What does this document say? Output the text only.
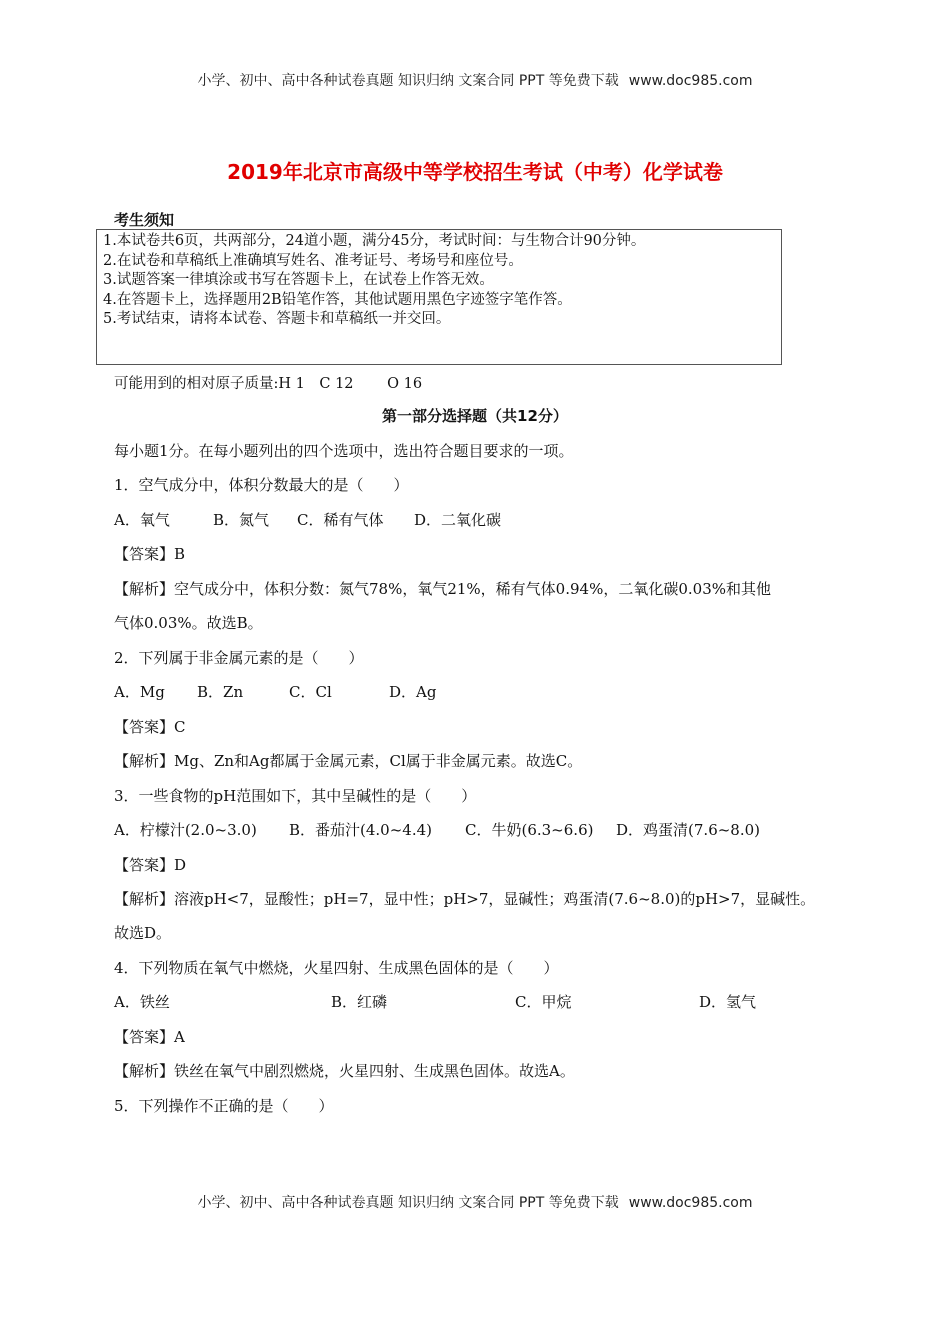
小学、初中、高中各种试卷真题 知识归纳 文案合同 PPT 等免费下载 www.doc985.com
2019年北京市高级中等学校招生考试（中考）化学试卷
考生须知
1.本试卷共6页，共两部分，24道小题，满分45分，考试时间：与生物合计90分钟。
2.在试卷和草稿纸上准确填写姓名、准考证号、考场号和座位号。
3.试题答案一律填涂或书写在答题卡上，在试卷上作答无效。
4.在答题卡上，选择题用2B铅笔作答，其他试题用黑色字迹签字笔作答。
5.考试结束，请将本试卷、答题卡和草稿纸一并交回。
可能用到的相对原子质量:H 1　C 12　　 O 16
第一部分选择题（共12分）
每小题1分。在每小题列出的四个选项中，选出符合题目要求的一项。
1．空气成分中，体积分数最大的是（　　）
A．氧气	B．氮气 C．稀有气体 D．二氧化碳
【答案】B
【解析】空气成分中，体积分数：氮气78%，氧气21%，稀有气体0.94%，二氧化碳0.03%和其他
气体0.03%。故选B。
2．下列属于非金属元素的是（　　）
A．Mg B．Zn	C．Cl	D．Ag
【答案】C
【解析】Mg、Zn和Ag都属于金属元素，Cl属于非金属元素。故选C。
3．一些食物的pH范围如下，其中呈碱性的是（　　）
A．柠檬汁(2.0~3.0) B．番茄汁(4.0~4.4) C．牛奶(6.3~6.6) D．鸡蛋清(7.6~8.0)
【答案】D
【解析】溶液pH<7，显酸性；pH=7，显中性；pH>7，显碱性；鸡蛋清(7.6~8.0)的pH>7，显碱性。
故选D。
4．下列物质在氧气中燃烧，火星四射、生成黑色固体的是（　　）
A．铁丝	B．红磷	C．甲烷	D．氢气
【答案】A
【解析】铁丝在氧气中剧烈燃烧，火星四射、生成黑色固体。故选A。
5．下列操作不正确的是（　　）
小学、初中、高中各种试卷真题 知识归纳 文案合同 PPT 等免费下载 www.doc985.com
